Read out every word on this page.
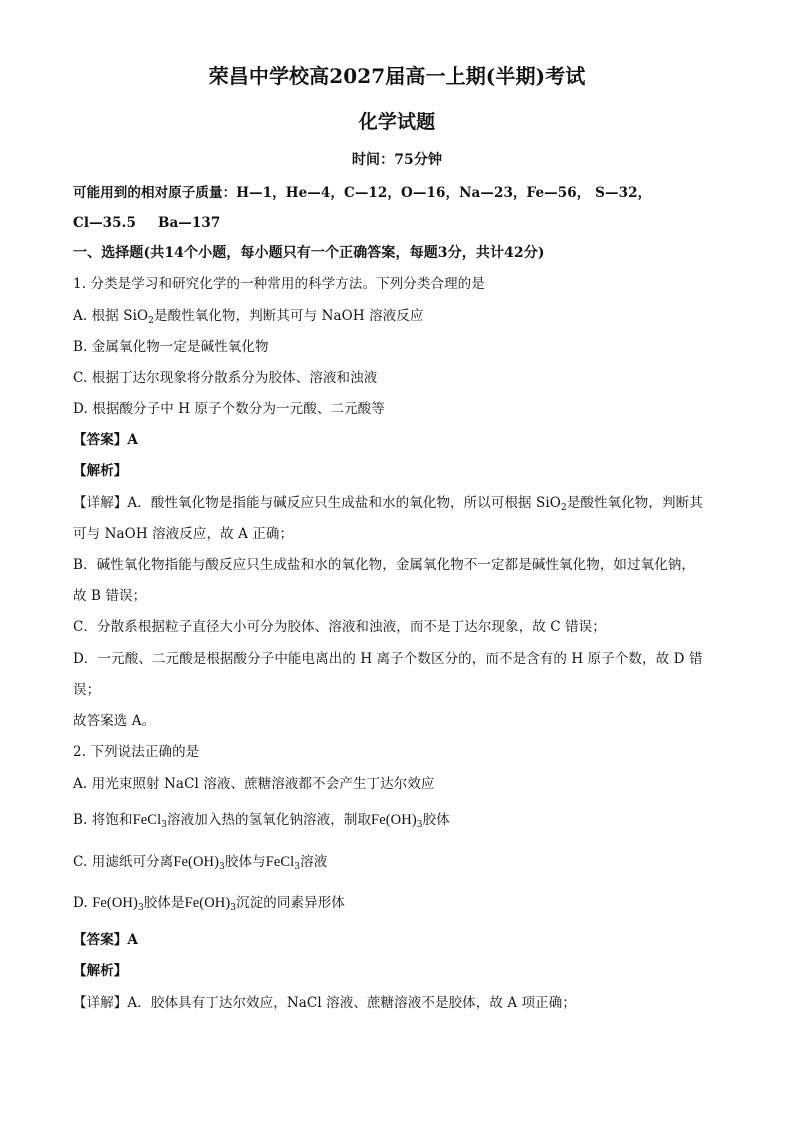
荣昌中学校高2027届高一上期(半期)考试
化学试题
时间：75分钟
可能用到的相对原子质量：H—1，He—4，C—12，O—16，Na—23，Fe—56， S—32，
Cl—35.5 Ba—137
一、选择题(共14个小题，每小题只有一个正确答案，每题3分，共计42分)
1. 分类是学习和研究化学的一种常用的科学方法。下列分类合理的是
A. 根据 SiO$_2$是酸性氧化物，判断其可与 NaOH 溶液反应
B. 金属氧化物一定是碱性氧化物
C. 根据丁达尔现象将分散系分为胶体、溶液和浊液
D. 根据酸分子中 H 原子个数分为一元酸、二元酸等
【答案】A
【解析】
【详解】A．酸性氧化物是指能与碱反应只生成盐和水的氧化物，所以可根据 SiO$_2$是酸性氧化物，判断其
可与 NaOH 溶液反应，故 A 正确；
B．碱性氧化物指能与酸反应只生成盐和水的氧化物，金属氧化物不一定都是碱性氧化物，如过氧化钠，
故 B 错误；
C．分散系根据粒子直径大小可分为胶体、溶液和浊液，而不是丁达尔现象，故 C 错误；
D．一元酸、二元酸是根据酸分子中能电离出的 H 离子个数区分的，而不是含有的 H 原子个数，故 D 错
误；
故答案选 A。
2. 下列说法正确的是
A. 用光束照射 NaCl 溶液、蔗糖溶液都不会产生丁达尔效应
B. 将饱和FeCl$_3$溶液加入热的氢氧化钠溶液，制取$Fe(OH)_3$胶体
C. 用滤纸可分离$Fe(OH)_3$胶体与FeCl$_3$溶液
D. $Fe(OH)_3$胶体是$Fe(OH)_3$沉淀的同素异形体
【答案】A
【解析】
【详解】A．胶体具有丁达尔效应，NaCl 溶液、蔗糖溶液不是胶体，故 A 项正确；
